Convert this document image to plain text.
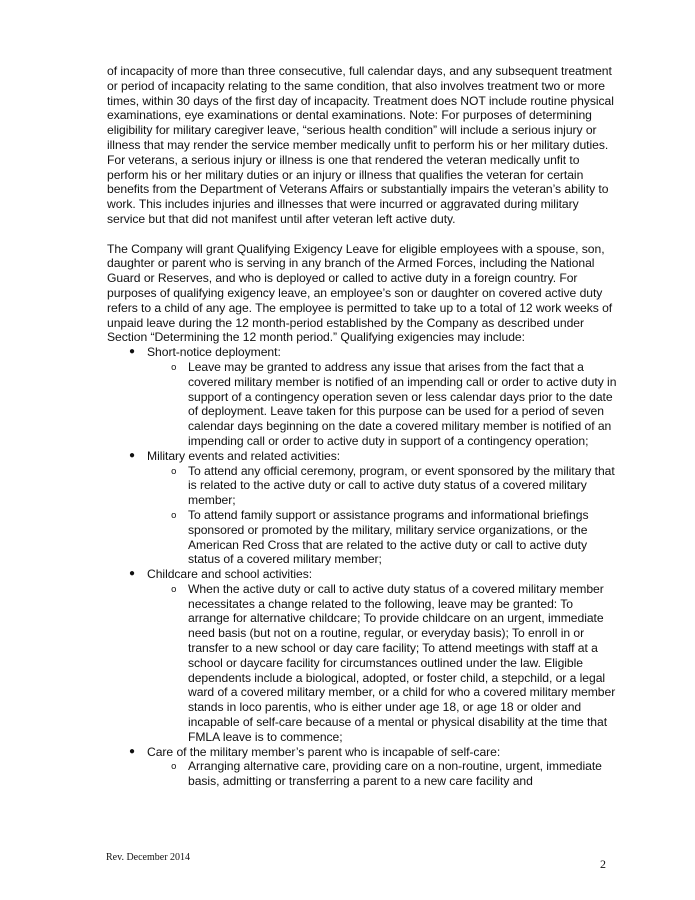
of incapacity of more than three consecutive, full calendar days, and any subsequent treatment or period of incapacity relating to the same condition, that also involves treatment two or more times, within 30 days of the first day of incapacity. Treatment does NOT include routine physical examinations, eye examinations or dental examinations. Note: For purposes of determining eligibility for military caregiver leave, “serious health condition” will include a serious injury or illness that may render the service member medically unfit to perform his or her military duties. For veterans, a serious injury or illness is one that rendered the veteran medically unfit to perform his or her military duties or an injury or illness that qualifies the veteran for certain benefits from the Department of Veterans Affairs or substantially impairs the veteran’s ability to work. This includes injuries and illnesses that were incurred or aggravated during military service but that did not manifest until after veteran left active duty.

The Company will grant Qualifying Exigency Leave for eligible employees with a spouse, son, daughter or parent who is serving in any branch of the Armed Forces, including the National Guard or Reserves, and who is deployed or called to active duty in a foreign country. For purposes of qualifying exigency leave, an employee’s son or daughter on covered active duty refers to a child of any age. The employee is permitted to take up to a total of 12 work weeks of unpaid leave during the 12 month-period established by the Company as described under Section “Determining the 12 month period.” Qualifying exigencies may include:

● Short-notice deployment:
o Leave may be granted to address any issue that arises from the fact that a covered military member is notified of an impending call or order to active duty in support of a contingency operation seven or less calendar days prior to the date of deployment. Leave taken for this purpose can be used for a period of seven calendar days beginning on the date a covered military member is notified of an impending call or order to active duty in support of a contingency operation;
● Military events and related activities:
o To attend any official ceremony, program, or event sponsored by the military that is related to the active duty or call to active duty status of a covered military member;
o To attend family support or assistance programs and informational briefings sponsored or promoted by the military, military service organizations, or the American Red Cross that are related to the active duty or call to active duty status of a covered military member;
● Childcare and school activities:
o When the active duty or call to active duty status of a covered military member necessitates a change related to the following, leave may be granted: To arrange for alternative childcare; To provide childcare on an urgent, immediate need basis (but not on a routine, regular, or everyday basis); To enroll in or transfer to a new school or day care facility; To attend meetings with staff at a school or daycare facility for circumstances outlined under the law. Eligible dependents include a biological, adopted, or foster child, a stepchild, or a legal ward of a covered military member, or a child for who a covered military member stands in loco parentis, who is either under age 18, or age 18 or older and incapable of self-care because of a mental or physical disability at the time that FMLA leave is to commence;
● Care of the military member’s parent who is incapable of self-care:
o Arranging alternative care, providing care on a non-routine, urgent, immediate basis, admitting or transferring a parent to a new care facility and
Rev. December 2014	2
